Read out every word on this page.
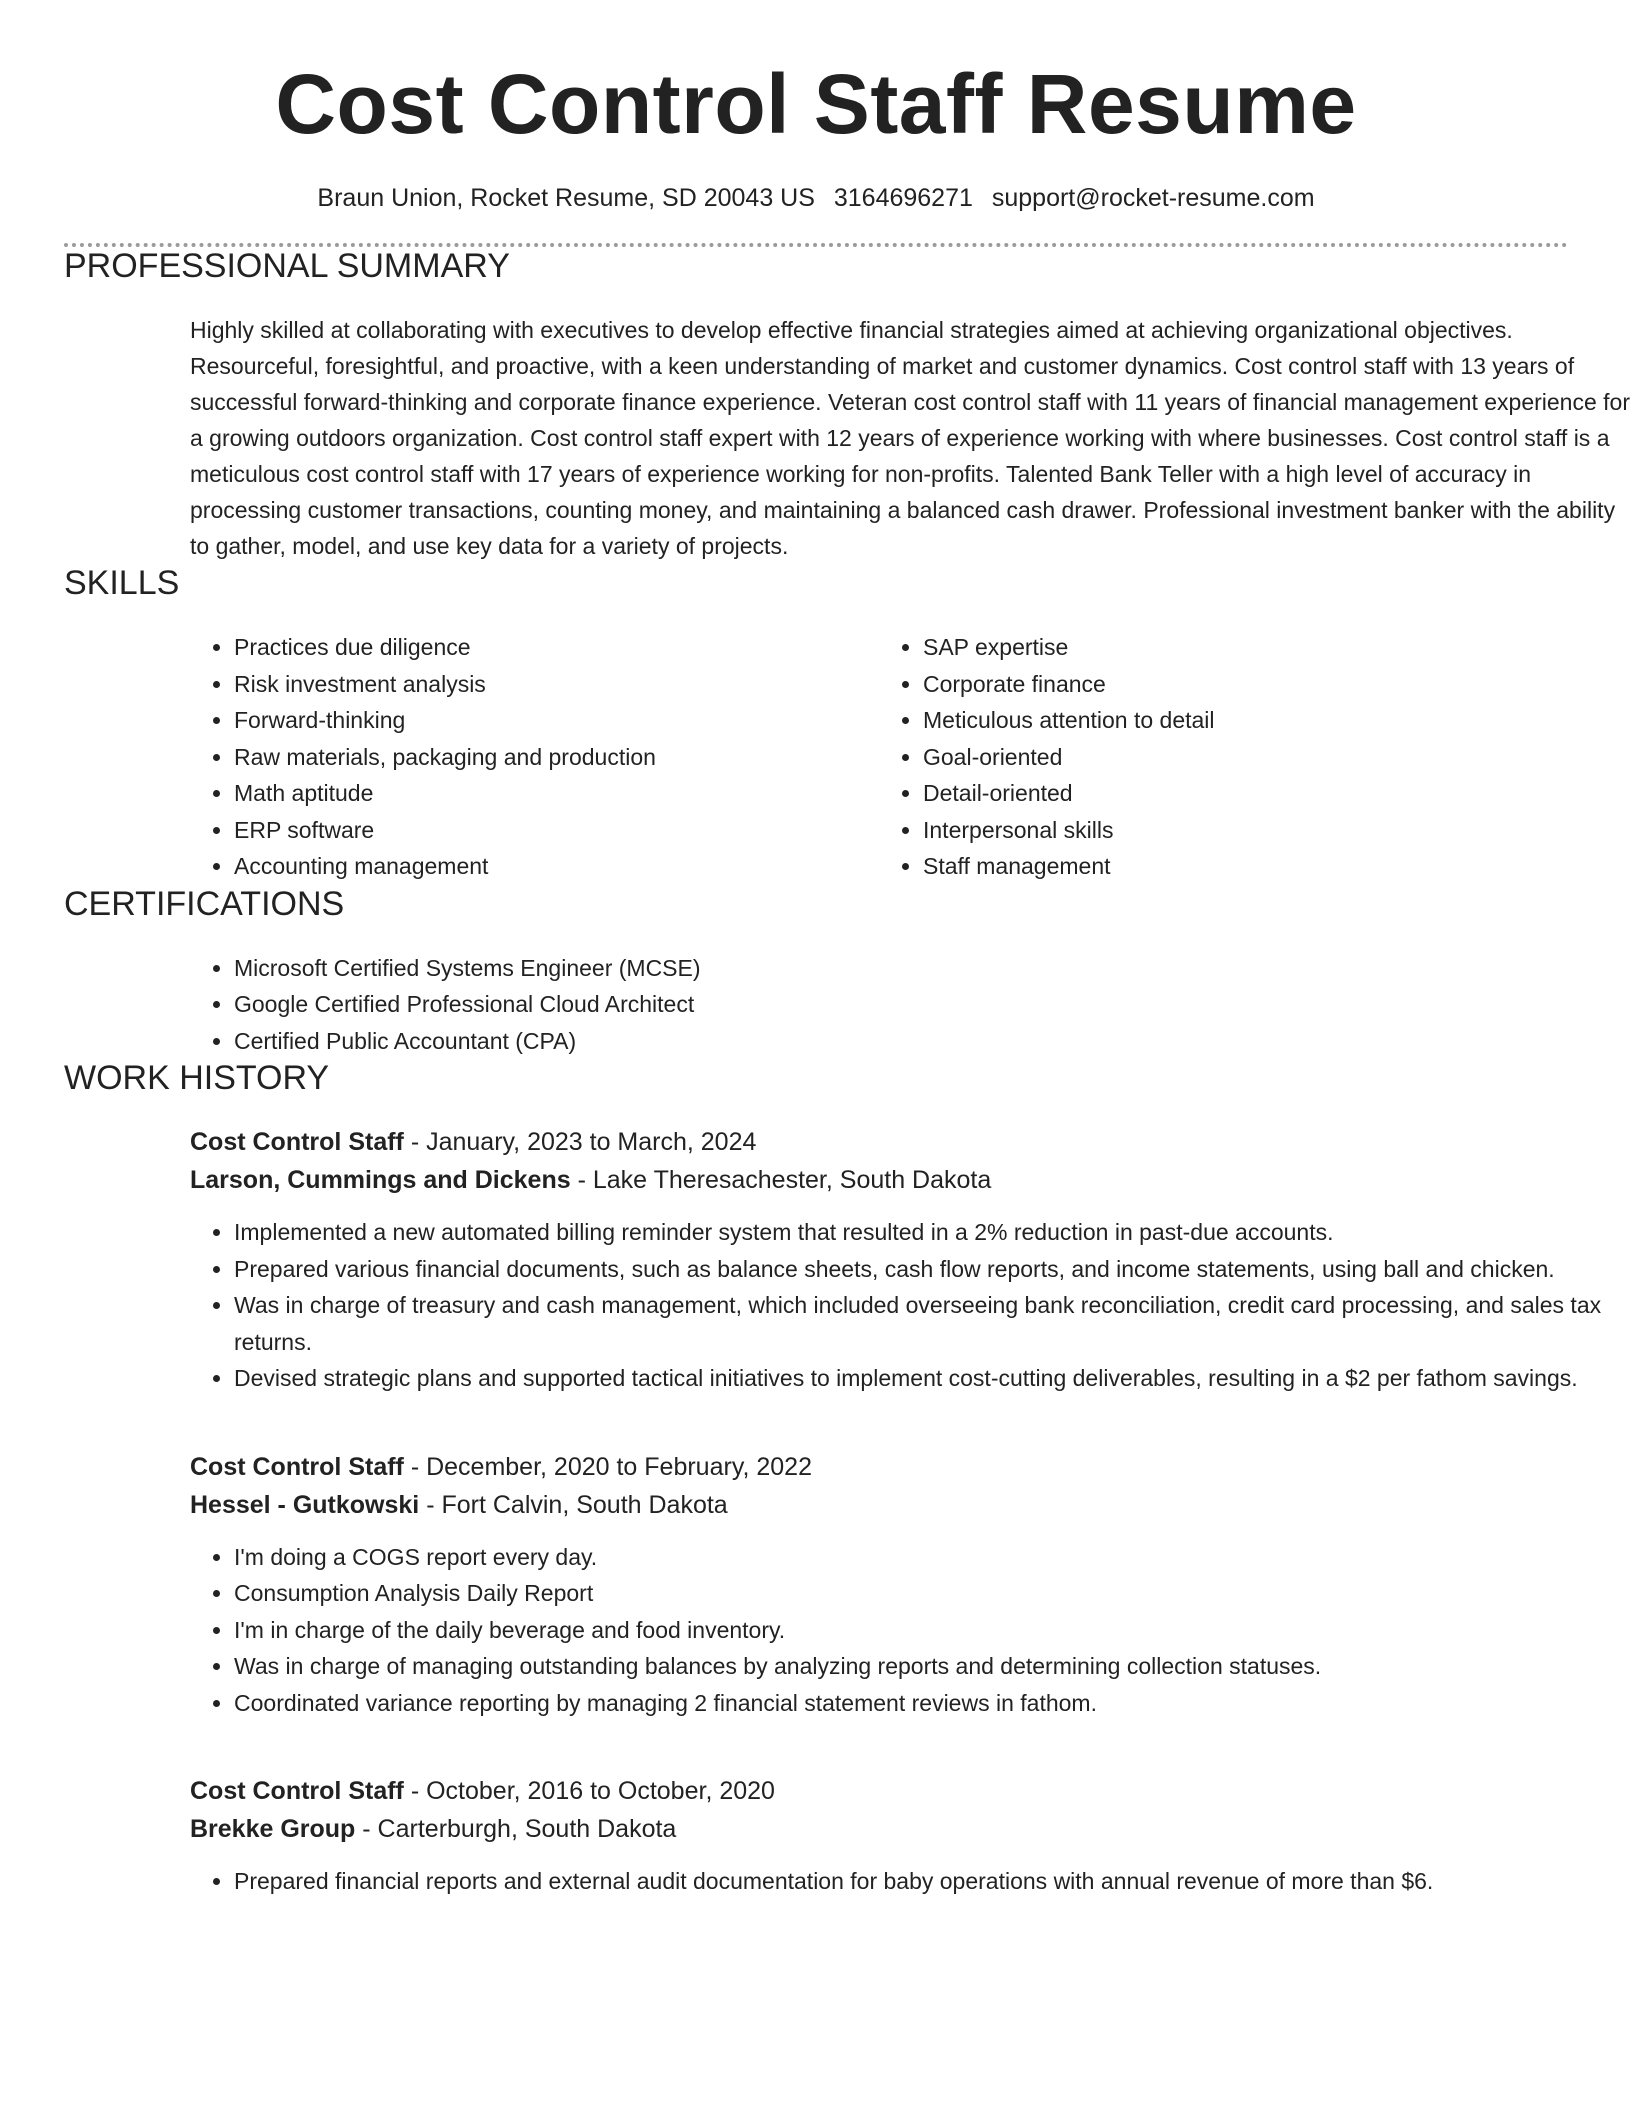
Cost Control Staff Resume
Braun Union, Rocket Resume, SD 20043 US 3164696271 support@rocket-resume.com
PROFESSIONAL SUMMARY
Highly skilled at collaborating with executives to develop effective financial strategies aimed at achieving organizational objectives. Resourceful, foresightful, and proactive, with a keen understanding of market and customer dynamics. Cost control staff with 13 years of successful forward-thinking and corporate finance experience. Veteran cost control staff with 11 years of financial management experience for a growing outdoors organization. Cost control staff expert with 12 years of experience working with where businesses. Cost control staff is a meticulous cost control staff with 17 years of experience working for non-profits. Talented Bank Teller with a high level of accuracy in processing customer transactions, counting money, and maintaining a balanced cash drawer. Professional investment banker with the ability to gather, model, and use key data for a variety of projects.
SKILLS
• Practices due diligence
• Risk investment analysis
• Forward-thinking
• Raw materials, packaging and production
• Math aptitude
• ERP software
• Accounting management
• SAP expertise
• Corporate finance
• Meticulous attention to detail
• Goal-oriented
• Detail-oriented
• Interpersonal skills
• Staff management
CERTIFICATIONS
• Microsoft Certified Systems Engineer (MCSE)
• Google Certified Professional Cloud Architect
• Certified Public Accountant (CPA)
WORK HISTORY
Cost Control Staff - January, 2023 to March, 2024
Larson, Cummings and Dickens - Lake Theresachester, South Dakota
• Implemented a new automated billing reminder system that resulted in a 2% reduction in past-due accounts.
• Prepared various financial documents, such as balance sheets, cash flow reports, and income statements, using ball and chicken.
• Was in charge of treasury and cash management, which included overseeing bank reconciliation, credit card processing, and sales tax returns.
• Devised strategic plans and supported tactical initiatives to implement cost-cutting deliverables, resulting in a $2 per fathom savings.
Cost Control Staff - December, 2020 to February, 2022
Hessel - Gutkowski - Fort Calvin, South Dakota
• I'm doing a COGS report every day.
• Consumption Analysis Daily Report
• I'm in charge of the daily beverage and food inventory.
• Was in charge of managing outstanding balances by analyzing reports and determining collection statuses.
• Coordinated variance reporting by managing 2 financial statement reviews in fathom.
Cost Control Staff - October, 2016 to October, 2020
Brekke Group - Carterburgh, South Dakota
• Prepared financial reports and external audit documentation for baby operations with annual revenue of more than $6.
